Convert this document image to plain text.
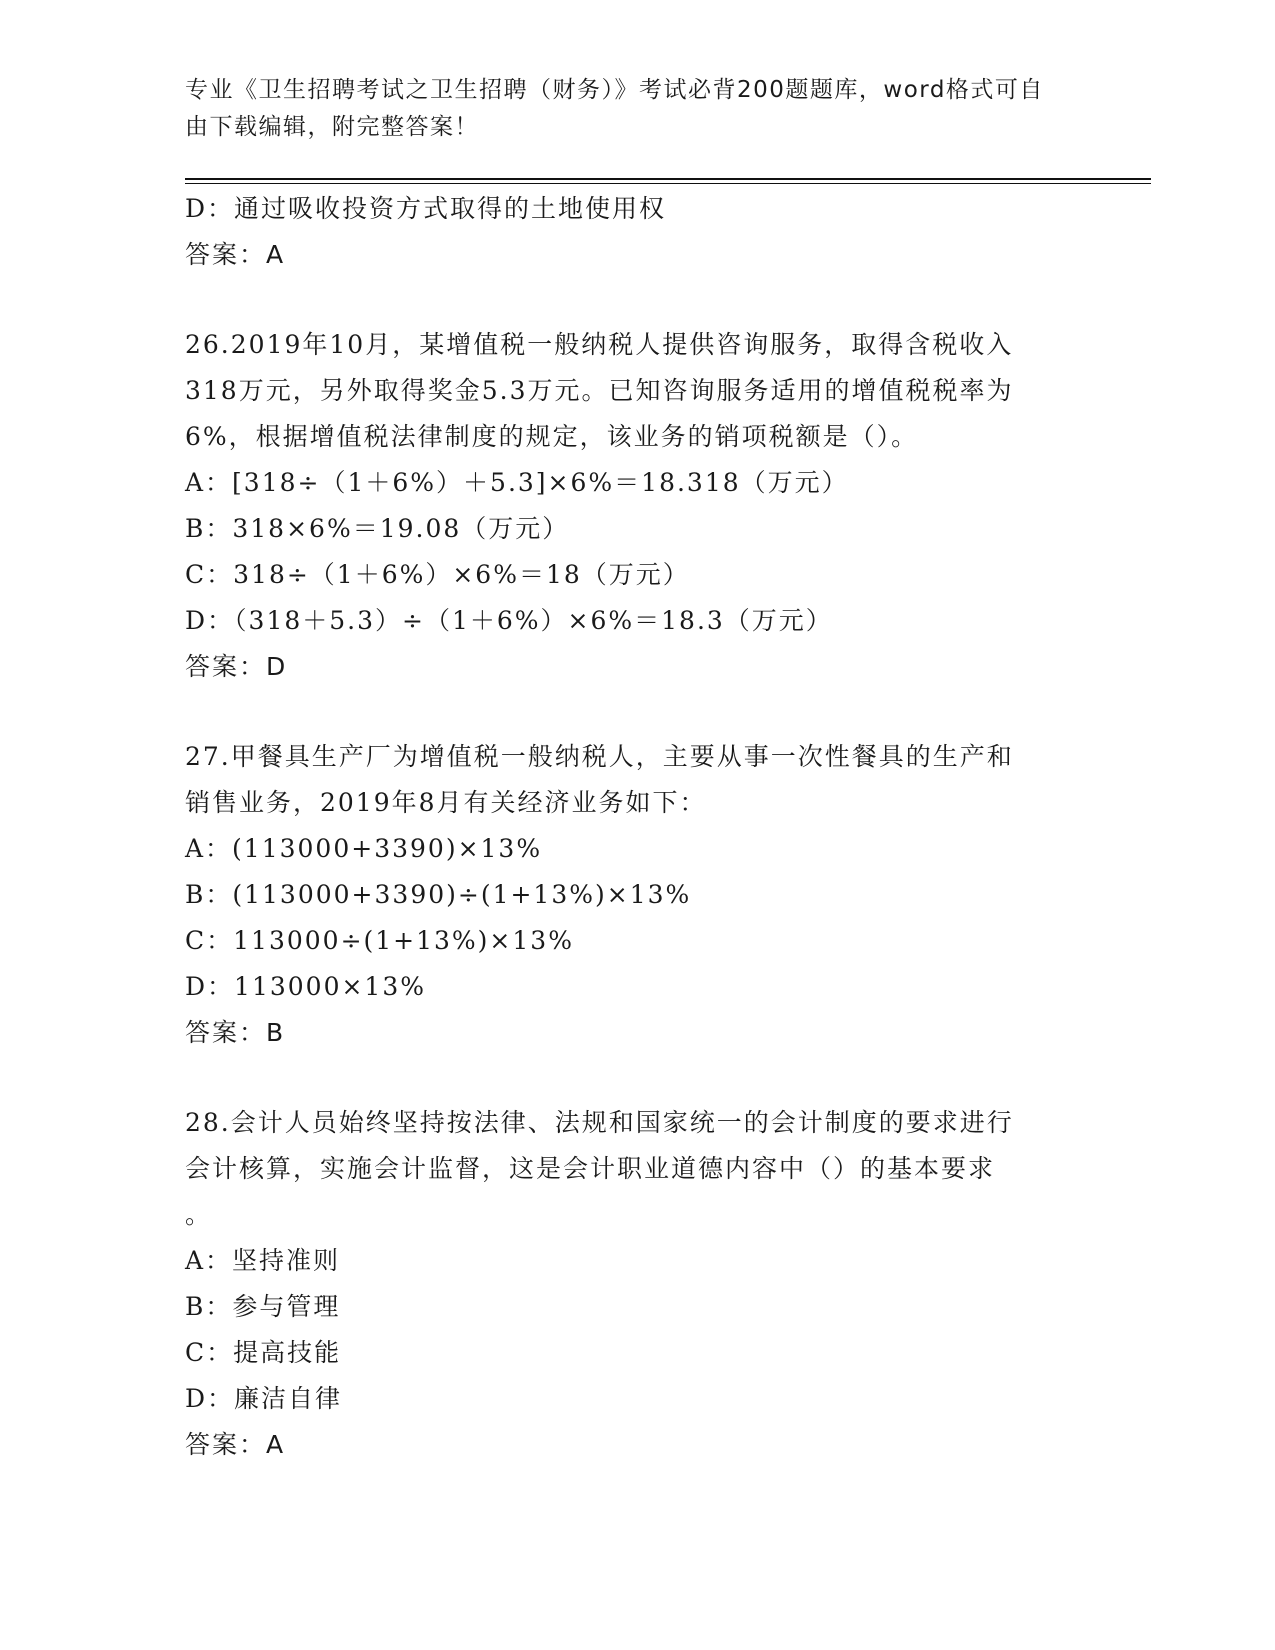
专业《卫生招聘考试之卫生招聘（财务）》考试必背200题题库，word格式可自
由下载编辑，附完整答案！
D：通过吸收投资方式取得的土地使用权
答案：A
26.2019年10月，某增值税一般纳税人提供咨询服务，取得含税收入
318万元，另外取得奖金5.3万元。已知咨询服务适用的增值税税率为
6%，根据增值税法律制度的规定，该业务的销项税额是（）。
A：[318÷（1＋6%）＋5.3]×6%＝18.318（万元）
B：318×6%＝19.08（万元）
C：318÷（1＋6%）×6%＝18（万元）
D：（318＋5.3）÷（1＋6%）×6%＝18.3（万元）
答案：D
27.甲餐具生产厂为增值税一般纳税人，主要从事一次性餐具的生产和
销售业务，2019年8月有关经济业务如下：
A：(113000+3390)×13%
B：(113000+3390)÷(1+13%)×13%
C：113000÷(1+13%)×13%
D：113000×13%
答案：B
28.会计人员始终坚持按法律、法规和国家统一的会计制度的要求进行
会计核算，实施会计监督，这是会计职业道德内容中（）的基本要求
。
A：坚持准则
B：参与管理
C：提高技能
D：廉洁自律
答案：A
